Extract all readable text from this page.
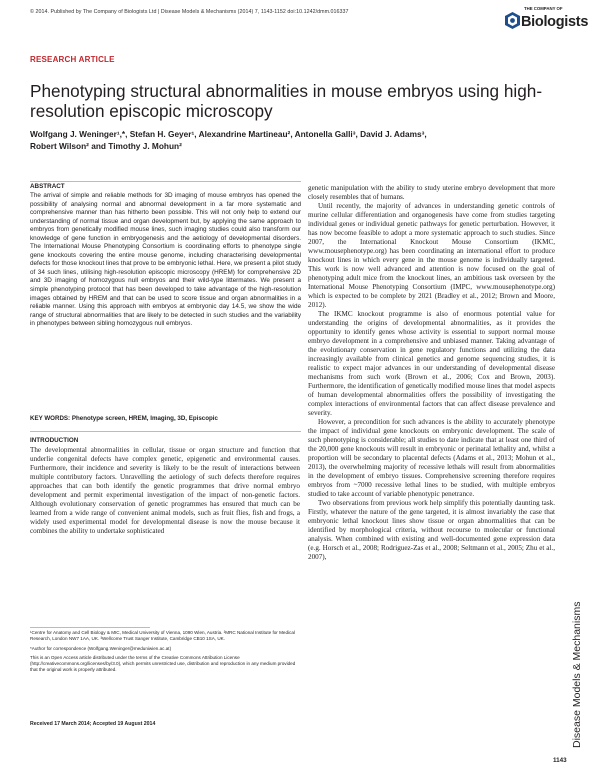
© 2014. Published by The Company of Biologists Ltd | Disease Models & Mechanisms (2014) 7, 1143-1152 doi:10.1242/dmm.016337
THE COMPANY OF
Biologists
RESEARCH ARTICLE
Phenotyping structural abnormalities in mouse embryos using high-resolution episcopic microscopy
Wolfgang J. Weninger¹,*, Stefan H. Geyer¹, Alexandrine Martineau², Antonella Galli³, David J. Adams³,
Robert Wilson² and Timothy J. Mohun²
ABSTRACT

The arrival of simple and reliable methods for 3D imaging of mouse embryos has opened the possibility of analysing normal and abnormal development in a far more systematic and comprehensive manner than has hitherto been possible. This will not only help to extend our understanding of normal tissue and organ development but, by applying the same approach to embryos from genetically modified mouse lines, such imaging studies could also transform our knowledge of gene function in embryogenesis and the aetiology of developmental disorders. The International Mouse Phenotyping Consortium is coordinating efforts to phenotype single gene knockouts covering the entire mouse genome, including characterising developmental defects for those knockout lines that prove to be embryonic lethal. Here, we present a pilot study of 34 such lines, utilising high-resolution episcopic microscopy (HREM) for comprehensive 2D and 3D imaging of homozygous null embryos and their wild-type littermates. We present a simple phenotyping protocol that has been developed to take advantage of the high-resolution images obtained by HREM and that can be used to score tissue and organ abnormalities in a reliable manner. Using this approach with embryos at embryonic day 14.5, we show the wide range of structural abnormalities that are likely to be detected in such studies and the variability in phenotypes between sibling homozygous null embryos.

KEY WORDS: Phenotype screen, HREM, Imaging, 3D, Episcopic
INTRODUCTION

The developmental abnormalities in cellular, tissue or organ structure and function that underlie congenital defects have complex genetic, epigenetic and environmental causes. Furthermore, their incidence and severity is likely to be the result of interactions between multiple contributory factors. Unravelling the aetiology of such defects therefore requires approaches that can both identify the genetic programmes that drive normal embryo development and permit experimental investigation of the impact of non-genetic factors. Although evolutionary conservation of genetic programmes has ensured that much can be learned from a wide range of convenient animal models, such as fruit flies, fish and frogs, a widely used experimental model for developmental disease is now the mouse because it combines the ability to undertake sophisticated

¹Centre for Anatomy and Cell Biology & MIC, Medical University of Vienna, 1090 Wien, Austria. ²MRC National Institute for Medical Research, London NW7 1AA, UK. ³Wellcome Trust Sanger Institute, Cambridge CB10 1SA, UK.

*Author for correspondence (Wolfgang.Weninger@meduniwien.ac.at)

This is an Open Access article distributed under the terms of the Creative Commons Attribution License (http://creativecommons.org/licenses/by/3.0), which permits unrestricted use, distribution and reproduction in any medium provided that the original work is properly attributed.

Received 17 March 2014; Accepted 19 August 2014

genetic manipulation with the ability to study uterine embryo development that more closely resembles that of humans.

Until recently, the majority of advances in understanding genetic controls of murine cellular differentiation and organogenesis have come from studies targeting individual genes or individual genetic pathways for genetic perturbation. However, it has now become feasible to adopt a more systematic approach to such studies. Since 2007, the International Knockout Mouse Consortium (IKMC, www.mousephenotype.org) has been coordinating an international effort to produce knockout lines in which every gene in the mouse genome is individually targeted. This work is now well advanced and attention is now focused on the goal of phenotyping adult mice from the knockout lines, an ambitious task overseen by the International Mouse Phenotyping Consortium (IMPC, www.mousephenotype.org) which is expected to be complete by 2021 (Bradley et al., 2012; Brown and Moore, 2012).

The IKMC knockout programme is also of enormous potential value for understanding the origins of developmental abnormalities, as it provides the opportunity to identify genes whose activity is essential to support normal mouse embryo development in a comprehensive and unbiased manner. Taking advantage of the evolutionary conservation in gene regulatory functions and utilizing the data increasingly available from clinical genetics and genome sequencing studies, it is realistic to expect major advances in our understanding of developmental disease mechanisms from such work (Brown et al., 2006; Cox and Brown, 2003). Furthermore, the identification of genetically modified mouse lines that model aspects of human developmental abnormalities offers the possibility of investigating the complex interactions of environmental factors that can affect disease prevalence and severity.

However, a precondition for such advances is the ability to accurately phenotype the impact of individual gene knockouts on embryonic development. The scale of such phenotyping is considerable; all studies to date indicate that at least one third of the 20,000 gene knockouts will result in embryonic or perinatal lethality and, whilst a proportion will be secondary to placental defects (Adams et al., 2013; Mohun et al., 2013), the overwhelming majority of recessive lethals will result from abnormalities in the development of embryo tissues. Comprehensive screening therefore requires embryos from ~7000 recessive lethal lines to be studied, with multiple embryos studied to take account of variable phenotypic penetrance.

Two observations from previous work help simplify this potentially daunting task. Firstly, whatever the nature of the gene targeted, it is almost invariably the case that embryonic lethal knockout lines show tissue or organ abnormalities that can be identified by morphological criteria, without recourse to molecular or functional analysis. When combined with existing and well-documented gene expression data (e.g. Horsch et al., 2008; Rodriguez-Zas et al., 2008; Seltmann et al., 2005; Zhu et al., 2007),

Disease Models & Mechanisms
1143
